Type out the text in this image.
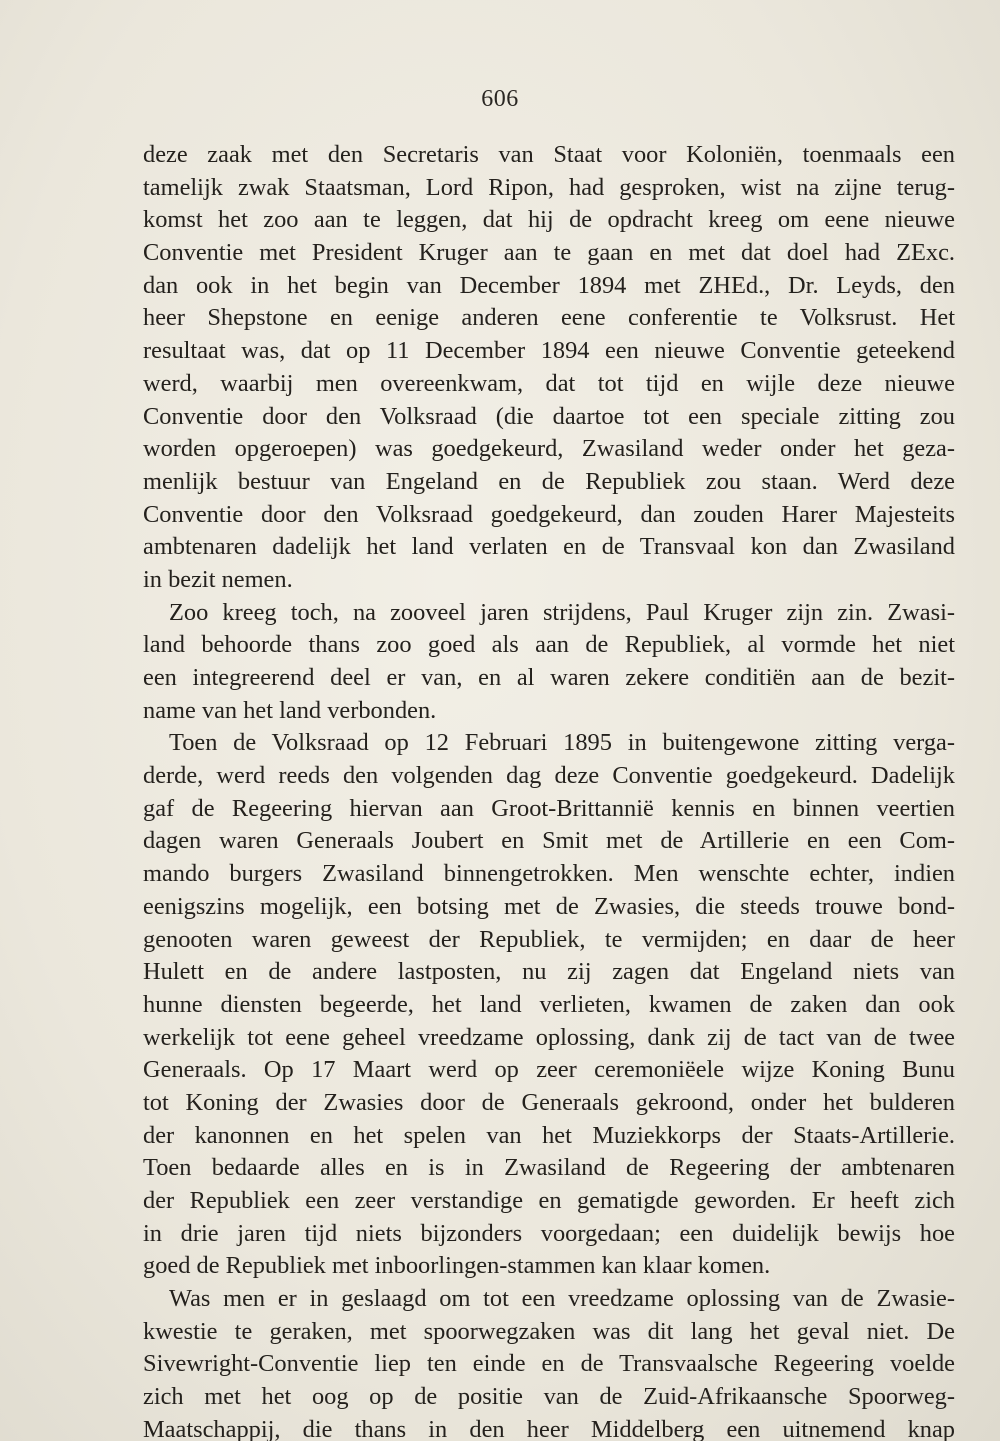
606
deze zaak met den Secretaris van Staat voor Koloniën, toenmaals een
tamelijk zwak Staatsman, Lord Ripon, had gesproken, wist na zijne terug-
komst het zoo aan te leggen, dat hij de opdracht kreeg om eene nieuwe
Conventie met President Kruger aan te gaan en met dat doel had ZExc.
dan ook in het begin van December 1894 met ZHEd., Dr. Leyds, den
heer Shepstone en eenige anderen eene conferentie te Volksrust. Het
resultaat was, dat op 11 December 1894 een nieuwe Conventie geteekend
werd, waarbij men overeenkwam, dat tot tijd en wijle deze nieuwe
Conventie door den Volksraad (die daartoe tot een speciale zitting zou
worden opgeroepen) was goedgekeurd, Zwasiland weder onder het geza-
menlijk bestuur van Engeland en de Republiek zou staan. Werd deze
Conventie door den Volksraad goedgekeurd, dan zouden Harer Majesteits
ambtenaren dadelijk het land verlaten en de Transvaal kon dan Zwasiland
in bezit nemen.
Zoo kreeg toch, na zooveel jaren strijdens, Paul Kruger zijn zin. Zwasi-
land behoorde thans zoo goed als aan de Republiek, al vormde het niet
een integreerend deel er van, en al waren zekere conditiën aan de bezit-
name van het land verbonden.
Toen de Volksraad op 12 Februari 1895 in buitengewone zitting verga-
derde, werd reeds den volgenden dag deze Conventie goedgekeurd. Dadelijk
gaf de Regeering hiervan aan Groot-Brittannië kennis en binnen veertien
dagen waren Generaals Joubert en Smit met de Artillerie en een Com-
mando burgers Zwasiland binnengetrokken. Men wenschte echter, indien
eenigszins mogelijk, een botsing met de Zwasies, die steeds trouwe bond-
genooten waren geweest der Republiek, te vermijden; en daar de heer
Hulett en de andere lastposten, nu zij zagen dat Engeland niets van
hunne diensten begeerde, het land verlieten, kwamen de zaken dan ook
werkelijk tot eene geheel vreedzame oplossing, dank zij de tact van de twee
Generaals. Op 17 Maart werd op zeer ceremoniëele wijze Koning Bunu
tot Koning der Zwasies door de Generaals gekroond, onder het bulderen
der kanonnen en het spelen van het Muziekkorps der Staats-Artillerie.
Toen bedaarde alles en is in Zwasiland de Regeering der ambtenaren
der Republiek een zeer verstandige en gematigde geworden. Er heeft zich
in drie jaren tijd niets bijzonders voorgedaan; een duidelijk bewijs hoe
goed de Republiek met inboorlingen-stammen kan klaar komen.
Was men er in geslaagd om tot een vreedzame oplossing van de Zwasie-
kwestie te geraken, met spoorwegzaken was dit lang het geval niet. De
Sivewright-Conventie liep ten einde en de Transvaalsche Regeering voelde
zich met het oog op de positie van de Zuid-Afrikaansche Spoorweg-
Maatschappij, die thans in den heer Middelberg een uitnemend knap
